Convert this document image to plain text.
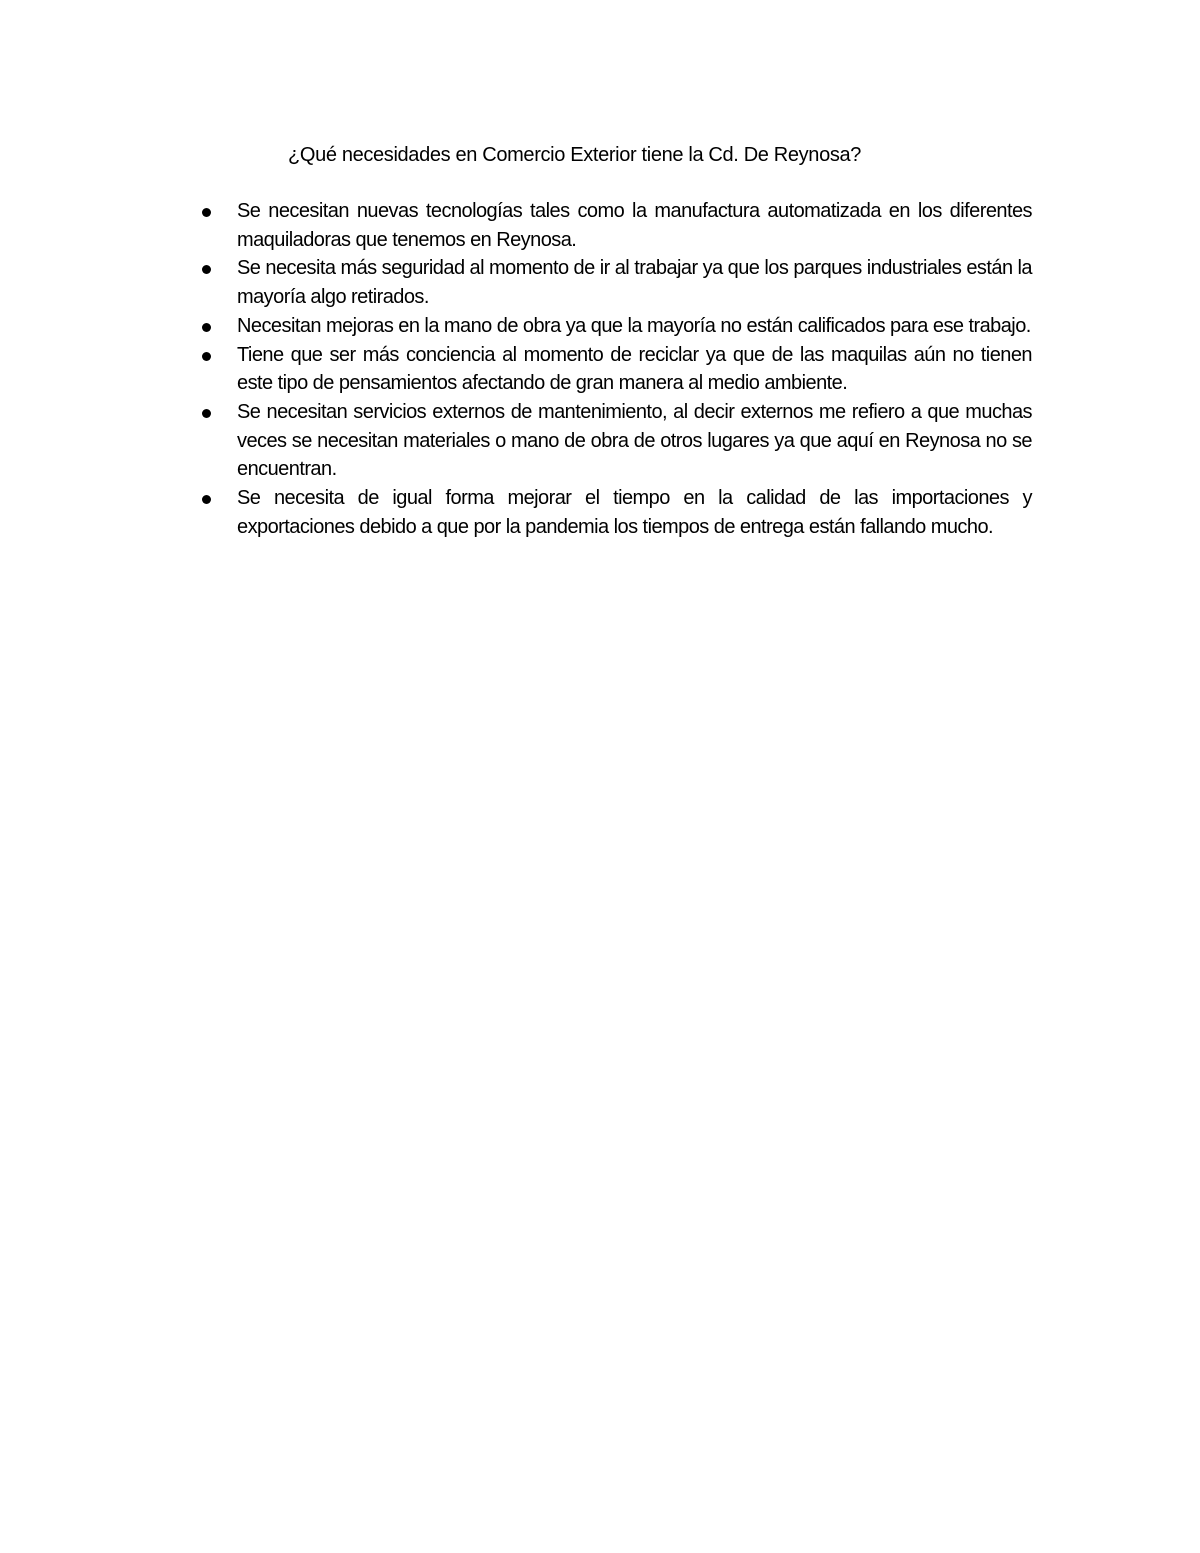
¿Qué necesidades en Comercio Exterior tiene la Cd. De Reynosa?
Se necesitan nuevas tecnologías tales como la manufactura automatizada en los diferentes maquiladoras que tenemos en Reynosa.
Se necesita más seguridad al momento de ir al trabajar ya que los parques industriales están la mayoría algo retirados.
Necesitan mejoras en la mano de obra ya que la mayoría no están calificados para ese trabajo.
Tiene que ser más conciencia al momento de reciclar ya que de las maquilas aún no tienen este tipo de pensamientos afectando de gran manera al medio ambiente.
Se necesitan servicios externos de mantenimiento, al decir externos me refiero a que muchas veces se necesitan materiales o mano de obra de otros lugares ya que aquí en Reynosa no se encuentran.
Se necesita de igual forma mejorar el tiempo en la calidad de las importaciones y exportaciones debido a que por la pandemia los tiempos de entrega están fallando mucho.
